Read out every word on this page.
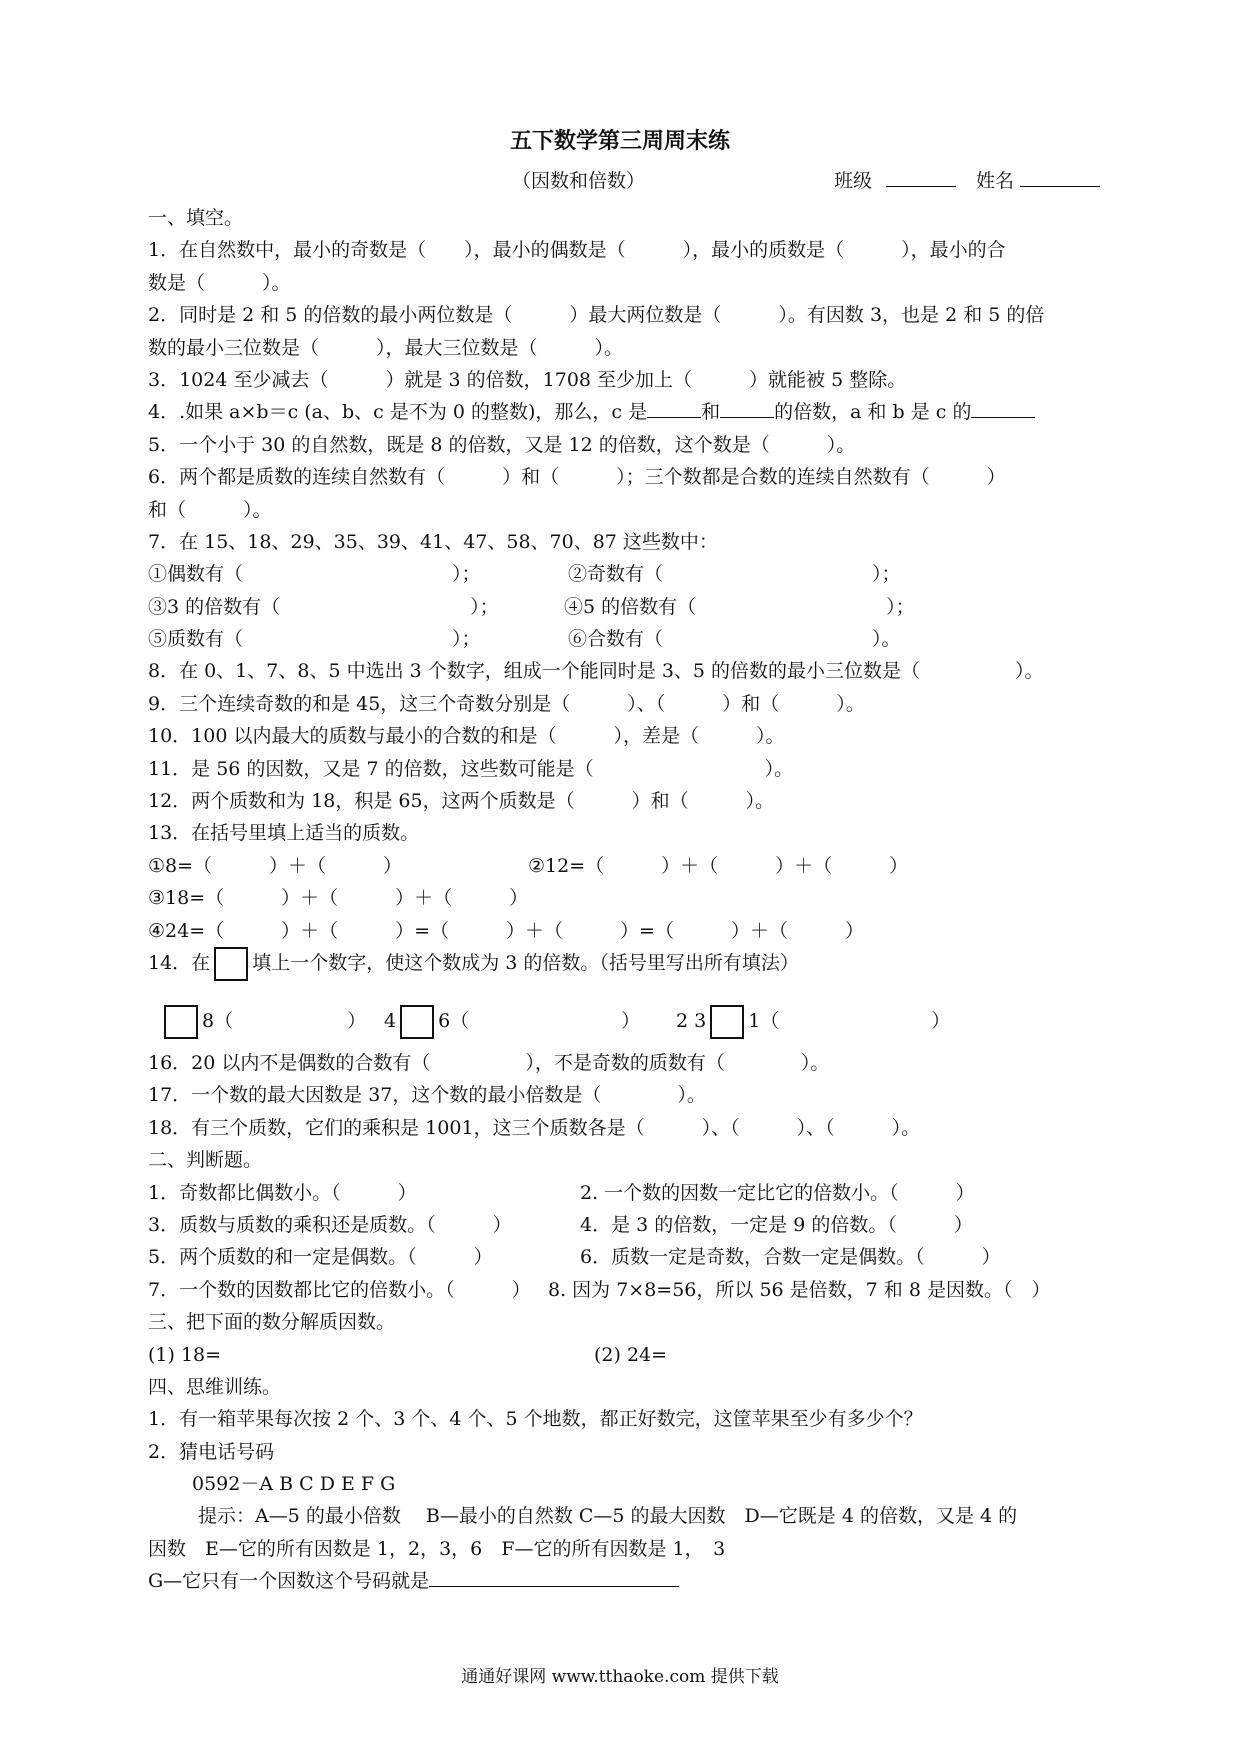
五下数学第三周周末练
（因数和倍数）	班级	姓名
一、填空。
1．在自然数中，最小的奇数是（　　），最小的偶数是（　　　），最小的质数是（　　　），最小的合
数是（　　　）。
2．同时是 2 和 5 的倍数的最小两位数是（　　　）最大两位数是（　　　）。有因数 3，也是 2 和 5 的倍
数的最小三位数是（　　　），最大三位数是（　　　）。
3．1024 至少减去（　　　）就是 3 的倍数，1708 至少加上（　　　）就能被 5 整除。
4．.如果 a×b＝c (a、b、c 是不为 0 的整数)，那么，c 是	和	的倍数，a 和 b 是 c 的
5．一个小于 30 的自然数，既是 8 的倍数，又是 12 的倍数，这个数是（　　　）。
6．两个都是质数的连续自然数有（　　　）和（　　　）；三个数都是合数的连续自然数有（　　　）
和（　　　）。
7．在 15、18、29、35、39、41、47、58、70、87 这些数中：
①偶数有（　　　　　　　　　　　）；	②奇数有（　　　　　　　　　　　）；
③3 的倍数有（　　　　　　　　　　）；	④5 的倍数有（　　　　　　　　　　）；
⑤质数有（　　　　　　　　　　　）；	⑥合数有（　　　　　　　　　　　）。
8．在 0、1、7、8、5 中选出 3 个数字，组成一个能同时是 3、5 的倍数的最小三位数是（　　　　　）。
9．三个连续奇数的和是 45，这三个奇数分别是（　　　）、（　　　）和（　　　）。
10．100 以内最大的质数与最小的合数的和是（　　　），差是（　　　）。
11．是 56 的因数，又是 7 的倍数，这些数可能是（　　　　　　　　　）。
12．两个质数和为 18，积是 65，这两个质数是（　　　）和（　　　）。
13．在括号里填上适当的质数。
①8=（　　　）＋（　　　）	②12=（　　　）＋（　　　）＋（　　　）
③18=（　　　）＋（　　　）＋（　　　）
④24=（　　　）＋（　　　）=（　　　）＋（　　　）=（　　　）＋（　　　）
14．在 填上一个数字，使这个数成为 3 的倍数。（括号里写出所有填法）
8（　　　　　　） 4 6（　　　　　　　　） 2 3 1（　　　　　　　　）
16．20 以内不是偶数的合数有（　　　　　），不是奇数的质数有（　　　　）。
17．一个数的最大因数是 37，这个数的最小倍数是（　　　　）。
18．有三个质数，它们的乘积是 1001，这三个质数各是（　　　）、（　　　）、（　　　）。
二、判断题。
1．奇数都比偶数小。（　　　）	2. 一个数的因数一定比它的倍数小。（　　　）
3．质数与质数的乘积还是质数。（　　　）	4．是 3 的倍数，一定是 9 的倍数。（　　　）
5．两个质数的和一定是偶数。（　　　）	6．质数一定是奇数，合数一定是偶数。（　　　）
7．一个数的因数都比它的倍数小。（　　　） 8. 因为 7×8=56，所以 56 是倍数，7 和 8 是因数。（　）
三、把下面的数分解质因数。
(1) 18=	(2) 24=
四、思维训练。
1．有一箱苹果每次按 2 个、3 个、4 个、5 个地数，都正好数完，这筐苹果至少有多少个？
2．猜电话号码
0592－A B C D E F G
提示：A—5 的最小倍数　 B—最小的自然数 C—5 的最大因数　D—它既是 4 的倍数，又是 4 的
因数　E—它的所有因数是 1，2，3，6　F—它的所有因数是 1，　3
G—它只有一个因数这个号码就是
通通好课网 www.tthaoke.com 提供下载
